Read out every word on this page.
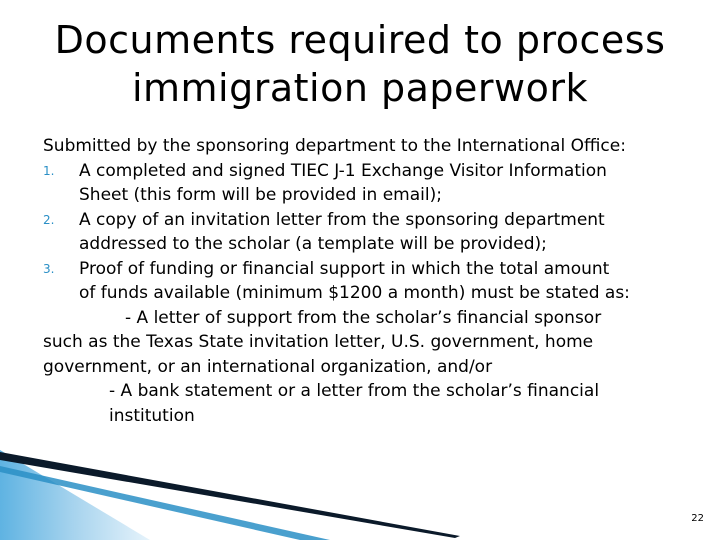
Documents required to process
immigration paperwork
Submitted by the sponsoring department to the International Office:
1. A completed and signed TIEC J-1 Exchange Visitor Information
Sheet (this form will be provided in email);
2. A copy of an invitation letter from the sponsoring department
addressed to the scholar (a template will be provided);
3. Proof of funding or financial support in which the total amount
of funds available (minimum $1200 a month) must be stated as:
- A letter of support from the scholar’s financial sponsor
such as the Texas State invitation letter, U.S. government, home
government, or an international organization, and/or
- A bank statement or a letter from the scholar’s financial
institution
22
